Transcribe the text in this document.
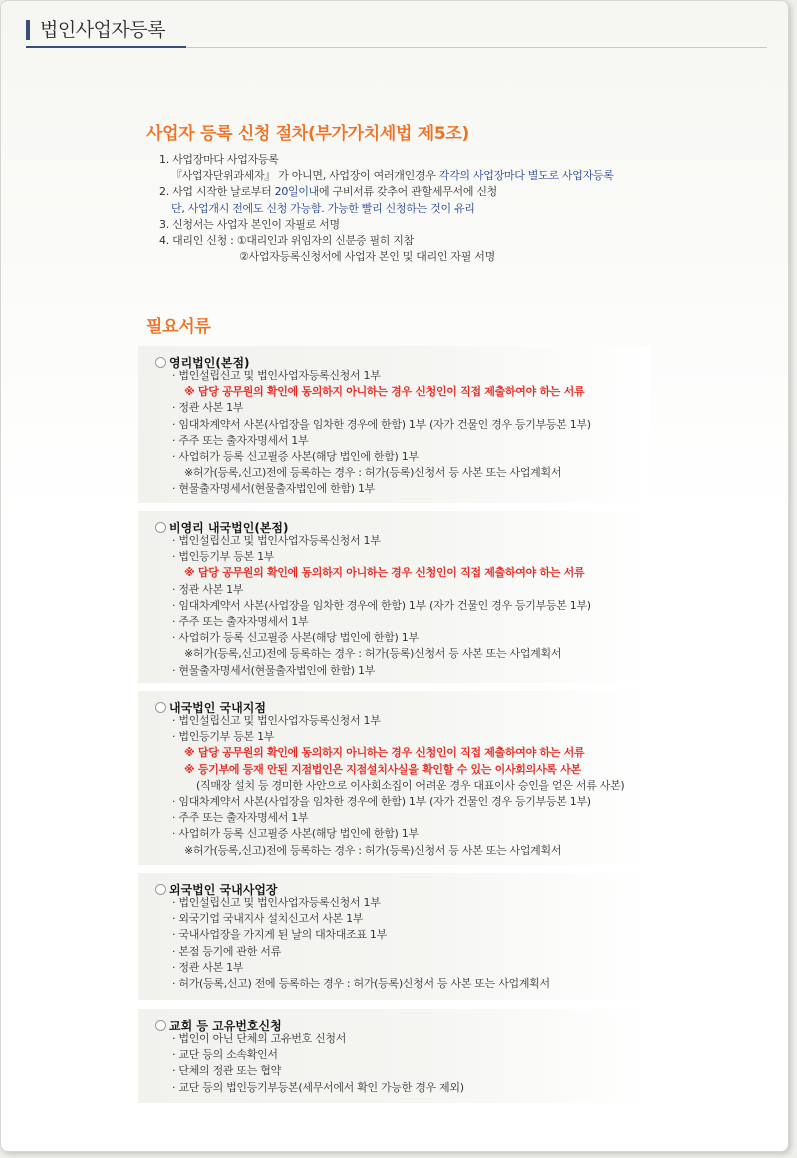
법인사업자등록
사업자 등록 신청 절차(부가가치세법 제5조)
1. 사업장마다 사업자등록
『사업자단위과세자』 가 아니면, 사업장이 여러개인경우 각각의 사업장마다 별도로 사업자등록
2. 사업 시작한 날로부터 20일이내에 구비서류 갖추어 관할세무서에 신청
단, 사업개시 전에도 신청 가능함. 가능한 빨리 신청하는 것이 유리
3. 신청서는 사업자 본인이 자필로 서명
4. 대리인 신청 : ①대리인과 위임자의 신분증 필히 지참
②사업자등록신청서에 사업자 본인 및 대리인 자필 서명
필요서류
영리법인(본점)
· 법인설립신고 및 법인사업자등록신청서 1부
※ 담당 공무원의 확인에 동의하지 아니하는 경우 신청인이 직접 제출하여야 하는 서류
· 정관 사본 1부
· 임대차계약서 사본(사업장을 임차한 경우에 한함) 1부 (자가 건물인 경우 등기부등본 1부)
· 주주 또는 출자자명세서 1부
· 사업허가 등록 신고필증 사본(해당 법인에 한함) 1부
※허가(등록,신고)전에 등록하는 경우 : 허가(등록)신청서 등 사본 또는 사업계획서
· 현물출자명세서(현물출자법인에 한함) 1부
비영리 내국법인(본점)
· 법인설립신고 및 법인사업자등록신청서 1부
· 법인등기부 등본 1부
※ 담당 공무원의 확인에 동의하지 아니하는 경우 신청인이 직접 제출하여야 하는 서류
· 정관 사본 1부
· 임대차계약서 사본(사업장을 임차한 경우에 한함) 1부 (자가 건물인 경우 등기부등본 1부)
· 주주 또는 출자자명세서 1부
· 사업허가 등록 신고필증 사본(해당 법인에 한함) 1부
※허가(등록,신고)전에 등록하는 경우 : 허가(등록)신청서 등 사본 또는 사업계획서
· 현물출자명세서(현물출자법인에 한함) 1부
내국법인 국내지점
· 법인설립신고 및 법인사업자등록신청서 1부
· 법인등기부 등본 1부
※ 담당 공무원의 확인에 동의하지 아니하는 경우 신청인이 직접 제출하여야 하는 서류
※ 등기부에 등재 안된 지점법인은 지점설치사실을 확인할 수 있는 이사회의사록 사본
(직매장 설치 등 경미한 사안으로 이사회소집이 어려운 경우 대표이사 승인을 얻은 서류 사본)
· 임대차계약서 사본(사업장을 임차한 경우에 한함) 1부 (자가 건물인 경우 등기부등본 1부)
· 주주 또는 출자자명세서 1부
· 사업허가 등록 신고필증 사본(해당 법인에 한함) 1부
※허가(등록,신고)전에 등록하는 경우 : 허가(등록)신청서 등 사본 또는 사업계획서
외국법인 국내사업장
· 법인설립신고 및 법인사업자등록신청서 1부
· 외국기업 국내지사 설치신고서 사본 1부
· 국내사업장을 가지게 된 날의 대차대조표 1부
· 본점 등기에 관한 서류
· 정관 사본 1부
· 허가(등록,신고) 전에 등록하는 경우 : 허가(등록)신청서 등 사본 또는 사업계획서
교회 등 고유번호신청
· 법인이 아닌 단체의 고유번호 신청서
· 교단 등의 소속확인서
· 단체의 정관 또는 협약
· 교단 등의 법인등기부등본(세무서에서 확인 가능한 경우 제외)
